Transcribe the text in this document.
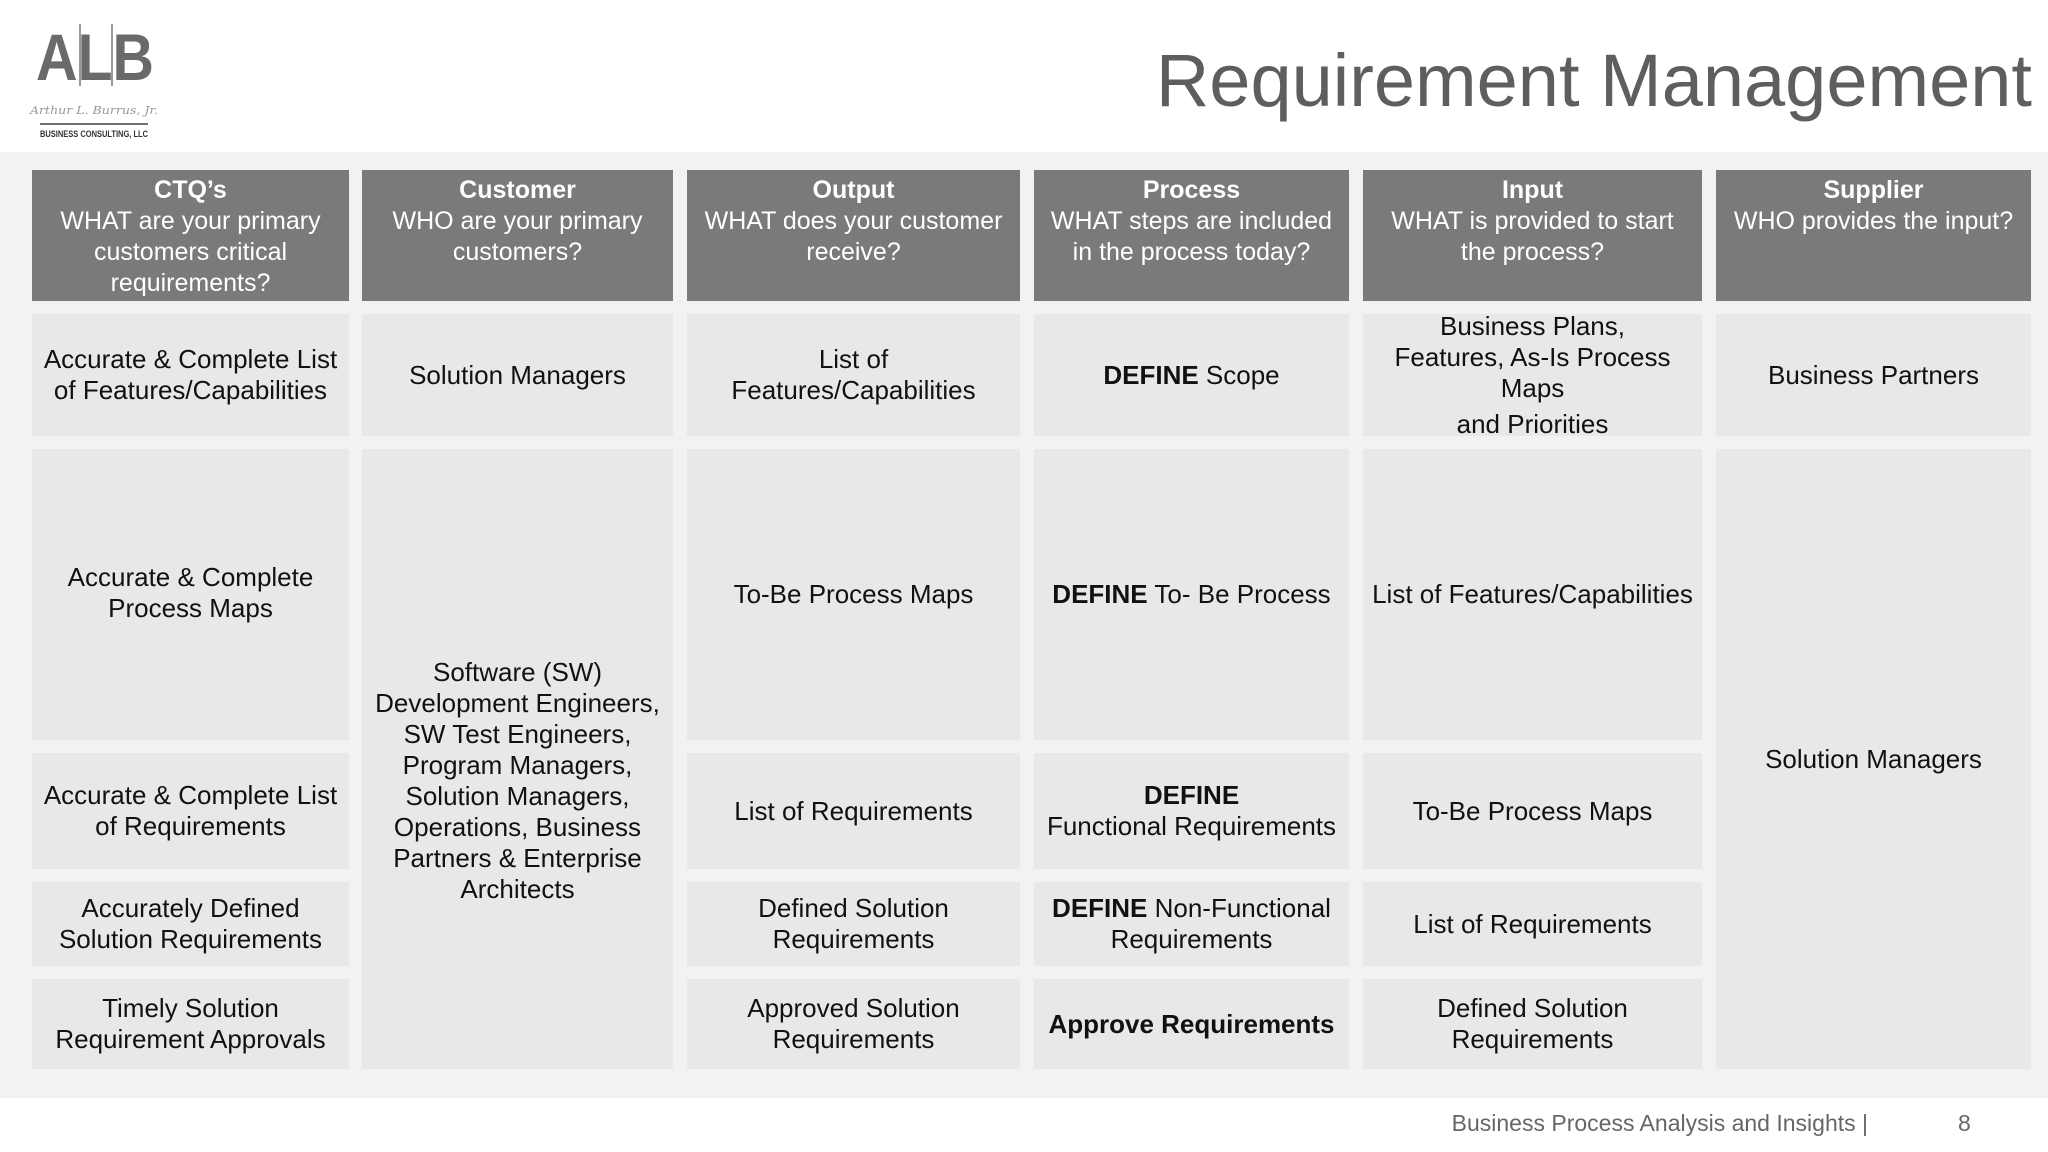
ALB
Arthur L. Burrus, Jr.
BUSINESS CONSULTING, LLC
Requirement Management
CTQ’s
WHAT are your primary customers critical requirements?
Customer
WHO are your primary customers?
Output
WHAT does your customer receive?
Process
WHAT steps are included in the process today?
Input
WHAT is provided to start the process?
Supplier
WHO provides the input?
Accurate & Complete List of Features/Capabilities
Accurate & Complete Process Maps
Accurate & Complete List of Requirements
Accurately Defined Solution Requirements
Timely Solution Requirement Approvals
Solution Managers
Software (SW) Development Engineers, SW Test Engineers, Program Managers, Solution Managers, Operations, Business Partners & Enterprise Architects
List of Features/Capabilities
To-Be Process Maps
List of Requirements
Defined Solution Requirements
Approved Solution Requirements
DEFINE Scope
DEFINE To- Be Process
DEFINE
Functional Requirements
DEFINE Non-Functional Requirements
Approve Requirements
Business Plans, Features, As-Is Process Maps
and Priorities
List of Features/Capabilities
To-Be Process Maps
List of Requirements
Defined Solution Requirements
Business Partners
Solution Managers
Business Process Analysis and Insights |	8
